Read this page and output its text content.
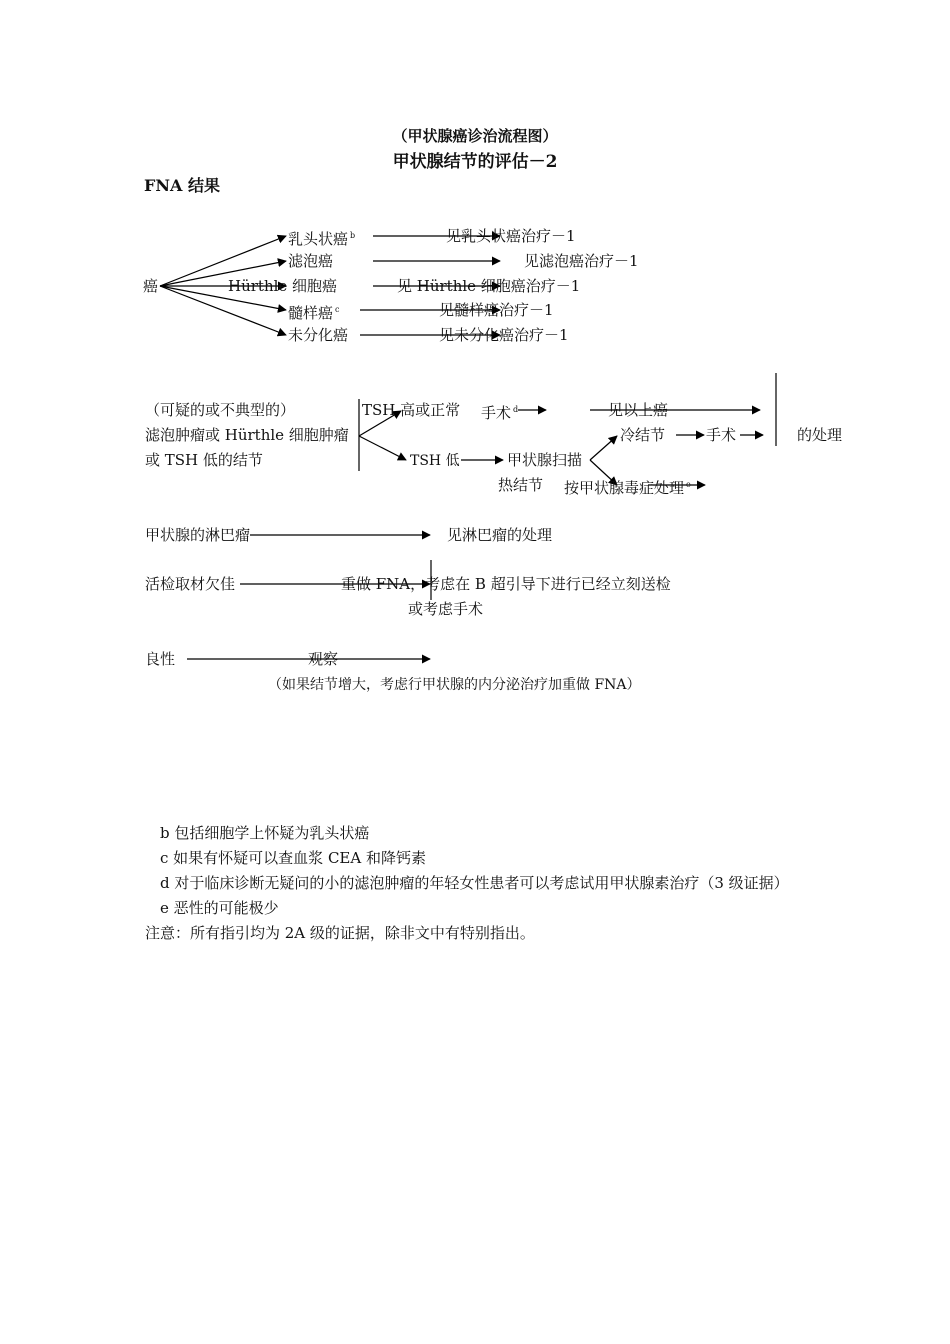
（甲状腺癌诊治流程图）
甲状腺结节的评估－2
FNA 结果
癌
乳头状癌 $^b$	见乳头状癌治疗－1
滤泡癌	见滤泡癌治疗－1
Hürthle 细胞癌	见 Hürthle 细胞癌治疗－1
髓样癌 $^c$	见髓样癌治疗－1
未分化癌	见未分化癌治疗－1
（可疑的或不典型的）
滤泡肿瘤或 Hürthle 细胞肿瘤
或 TSH 低的结节
TSH 高或正常 手术 $^d$	见以上癌
的处理
TSH 低	甲状腺扫描
冷结节	手术
热结节 按甲状腺毒症处理 $^e$
甲状腺的淋巴瘤	见淋巴瘤的处理
活检取材欠佳	重做 FNA，考虑在 B 超引导下进行已经立刻送检
或考虑手术
良性	观察
（如果结节增大，考虑行甲状腺的内分泌治疗加重做 FNA）
b 包括细胞学上怀疑为乳头状癌
c 如果有怀疑可以查血浆 CEA 和降钙素
d 对于临床诊断无疑问的小的滤泡肿瘤的年轻女性患者可以考虑试用甲状腺素治疗（3 级证据）
e 恶性的可能极少
注意：所有指引均为 2A 级的证据，除非文中有特别指出。
